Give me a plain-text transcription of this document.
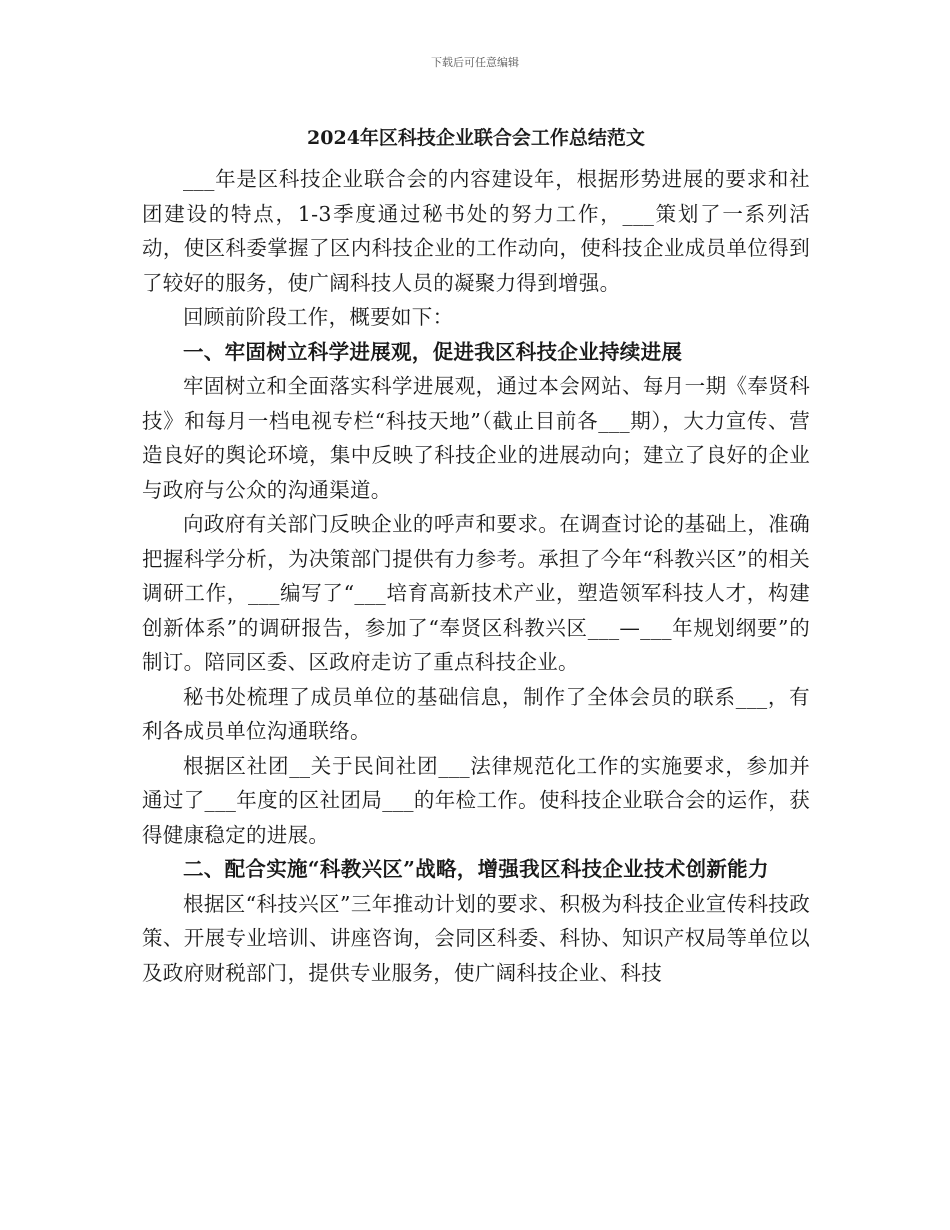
下载后可任意编辑
2024年区科技企业联合会工作总结范文

___年是区科技企业联合会的内容建设年，根据形势进展的要求和社团建设的特点，1-3季度通过秘书处的努力工作，___策划了一系列活动，使区科委掌握了区内科技企业的工作动向，使科技企业成员单位得到了较好的服务，使广阔科技人员的凝聚力得到增强。

回顾前阶段工作，概要如下：

一、牢固树立科学进展观，促进我区科技企业持续进展

牢固树立和全面落实科学进展观，通过本会网站、每月一期《奉贤科技》和每月一档电视专栏“科技天地”（截止目前各___期），大力宣传、营造良好的舆论环境，集中反映了科技企业的进展动向；建立了良好的企业与政府与公众的沟通渠道。

向政府有关部门反映企业的呼声和要求。在调查讨论的基础上，准确把握科学分析，为决策部门提供有力参考。承担了今年“科教兴区”的相关调研工作，___编写了“___培育高新技术产业，塑造领军科技人才，构建创新体系”的调研报告，参加了“奉贤区科教兴区___—___年规划纲要”的制订。陪同区委、区政府走访了重点科技企业。

秘书处梳理了成员单位的基础信息，制作了全体会员的联系___，有利各成员单位沟通联络。

根据区社团__关于民间社团___法律规范化工作的实施要求，参加并通过了___年度的区社团局___的年检工作。使科技企业联合会的运作，获得健康稳定的进展。

二、配合实施“科教兴区”战略，增强我区科技企业技术创新能力

根据区“科技兴区”三年推动计划的要求、积极为科技企业宣传科技政策、开展专业培训、讲座咨询，会同区科委、科协、知识产权局等单位以及政府财税部门，提供专业服务，使广阔科技企业、科技
